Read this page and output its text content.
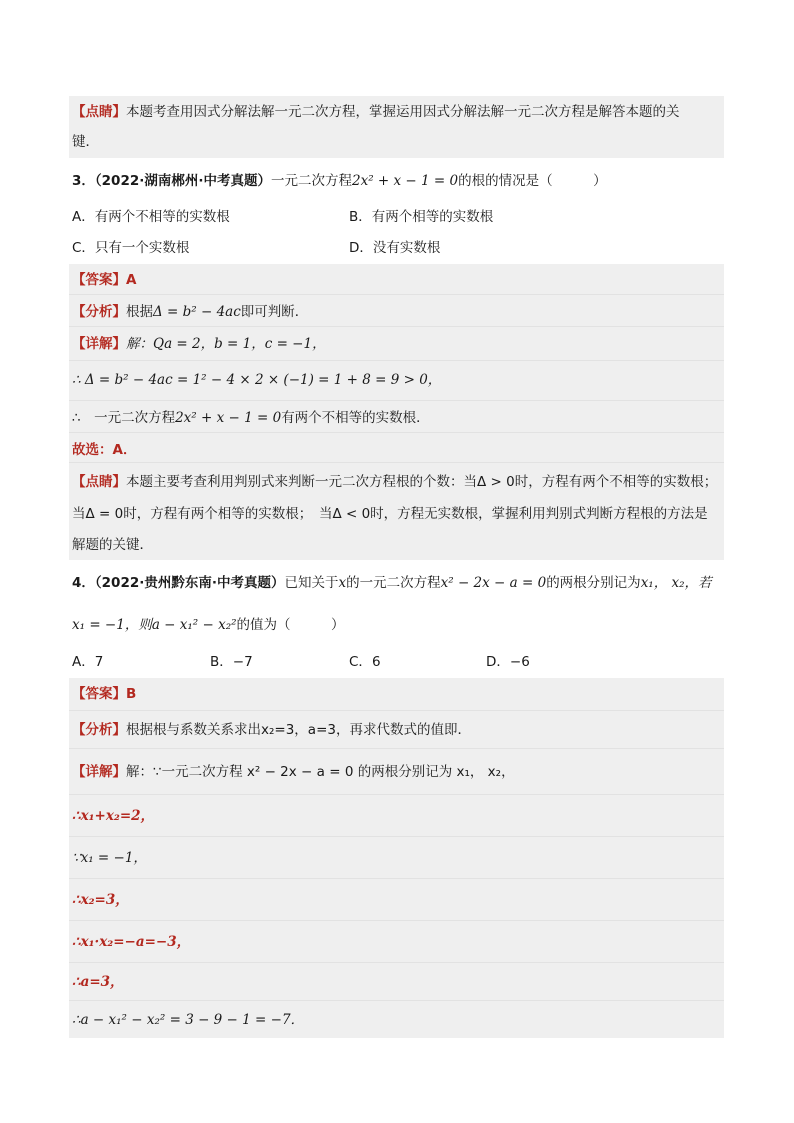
【点睛】本题考查用因式分解法解一元二次方程，掌握运用因式分解法解一元二次方程是解答本题的关
键．
3．（2022·湖南郴州·中考真题）一元二次方程2x² + x − 1 = 0的根的情况是（　　　）
A．有两个不相等的实数根	B．有两个相等的实数根
C．只有一个实数根	D．没有实数根
【答案】A
【分析】根据Δ = b² − 4ac即可判断．
【详解】解：Qa = 2，b = 1，c = −1，
∴ Δ = b² − 4ac = 1² − 4 × 2 × (−1) = 1 + 8 = 9 > 0，
∴　一元二次方程2x² + x − 1 = 0有两个不相等的实数根．
故选：A．
【点睛】本题主要考查利用判别式来判断一元二次方程根的个数：当Δ > 0时，方程有两个不相等的实数根；
当Δ = 0时，方程有两个相等的实数根；　当Δ < 0时，方程无实数根，掌握利用判别式判断方程根的方法是
解题的关键．
4．（2022·贵州黔东南·中考真题）已知关于x的一元二次方程x² − 2x − a = 0的两根分别记为x₁， x₂，若
x₁ = −1，则a − x₁² − x₂²的值为（　　　）
A．7	B．−7	C．6	D．−6
【答案】B
【分析】根据根与系数关系求出x₂=3，a=3，再求代数式的值即．
【详解】解：∵一元二次方程 x² − 2x − a = 0 的两根分别记为 x₁， x₂，
∴x₁+x₂=2，
∵x₁ = −1，
∴x₂=3，
∴x₁·x₂=−a=−3，
∴a=3，
∴a − x₁² − x₂² = 3 − 9 − 1 = −7．
